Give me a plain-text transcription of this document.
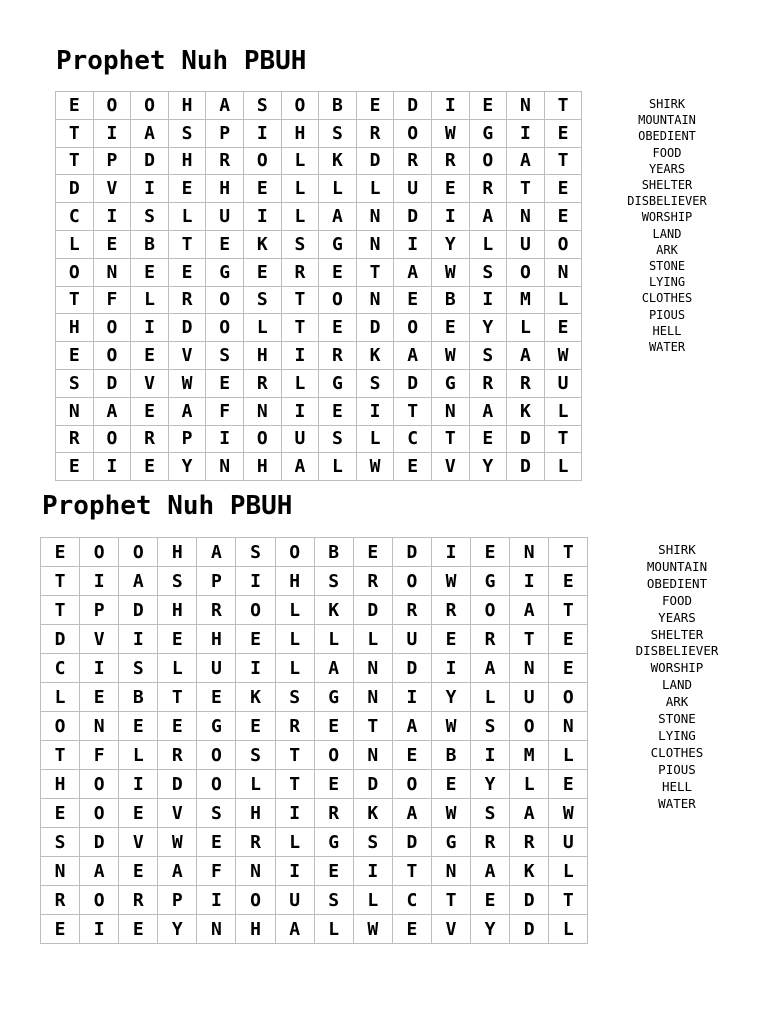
Prophet Nuh PBUH
E	O	O	H	A	S	O	B	E	D	I	E	N	T
T	I	A	S	P	I	H	S	R	O	W	G	I	E
T	P	D	H	R	O	L	K	D	R	R	O	A	T
D	V	I	E	H	E	L	L	L	U	E	R	T	E
C	I	S	L	U	I	L	A	N	D	I	A	N	E
L	E	B	T	E	K	S	G	N	I	Y	L	U	O
O	N	E	E	G	E	R	E	T	A	W	S	O	N
T	F	L	R	O	S	T	O	N	E	B	I	M	L
H	O	I	D	O	L	T	E	D	O	E	Y	L	E
E	O	E	V	S	H	I	R	K	A	W	S	A	W
S	D	V	W	E	R	L	G	S	D	G	R	R	U
N	A	E	A	F	N	I	E	I	T	N	A	K	L
R	O	R	P	I	O	U	S	L	C	T	E	D	T
E	I	E	Y	N	H	A	L	W	E	V	Y	D	L
SHIRK
MOUNTAIN
OBEDIENT
FOOD
YEARS
SHELTER
DISBELIEVER
WORSHIP
LAND
ARK
STONE
LYING
CLOTHES
PIOUS
HELL
WATER
Prophet Nuh PBUH
E	O	O	H	A	S	O	B	E	D	I	E	N	T
T	I	A	S	P	I	H	S	R	O	W	G	I	E
T	P	D	H	R	O	L	K	D	R	R	O	A	T
D	V	I	E	H	E	L	L	L	U	E	R	T	E
C	I	S	L	U	I	L	A	N	D	I	A	N	E
L	E	B	T	E	K	S	G	N	I	Y	L	U	O
O	N	E	E	G	E	R	E	T	A	W	S	O	N
T	F	L	R	O	S	T	O	N	E	B	I	M	L
H	O	I	D	O	L	T	E	D	O	E	Y	L	E
E	O	E	V	S	H	I	R	K	A	W	S	A	W
S	D	V	W	E	R	L	G	S	D	G	R	R	U
N	A	E	A	F	N	I	E	I	T	N	A	K	L
R	O	R	P	I	O	U	S	L	C	T	E	D	T
E	I	E	Y	N	H	A	L	W	E	V	Y	D	L
SHIRK
MOUNTAIN
OBEDIENT
FOOD
YEARS
SHELTER
DISBELIEVER
WORSHIP
LAND
ARK
STONE
LYING
CLOTHES
PIOUS
HELL
WATER
